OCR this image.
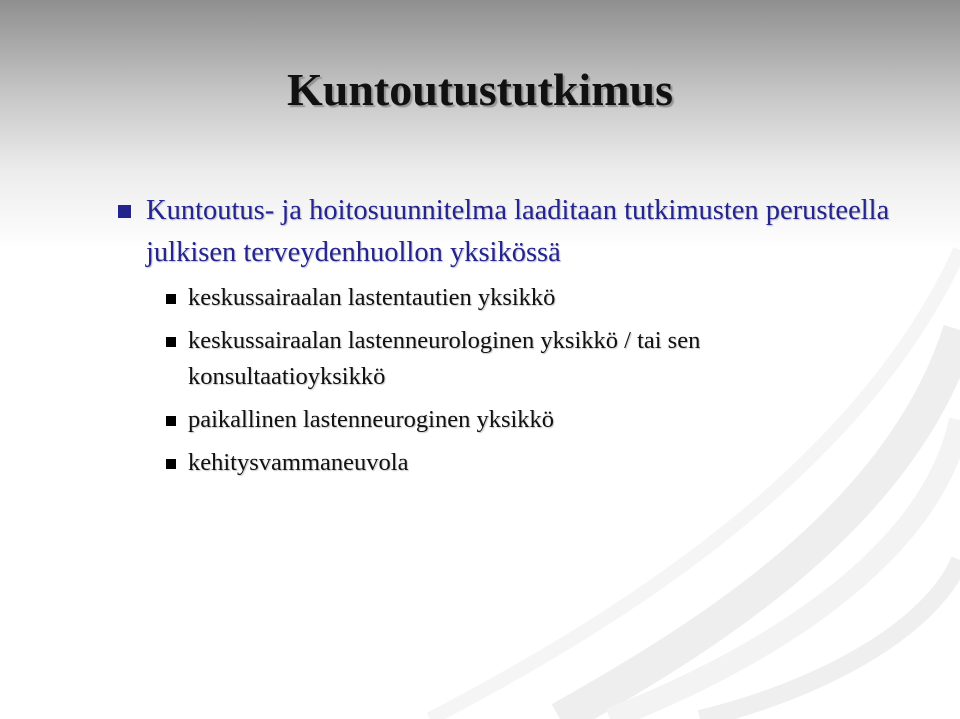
Kuntoutustutkimus
Kuntoutus- ja hoitosuunnitelma laaditaan tutkimusten perusteella julkisen terveydenhuollon yksikössä
keskussairaalan lastentautien yksikkö
keskussairaalan lastenneurologinen yksikkö / tai sen konsultaatioyksikkö
paikallinen lastenneuroginen yksikkö
kehitysvammaneuvola
